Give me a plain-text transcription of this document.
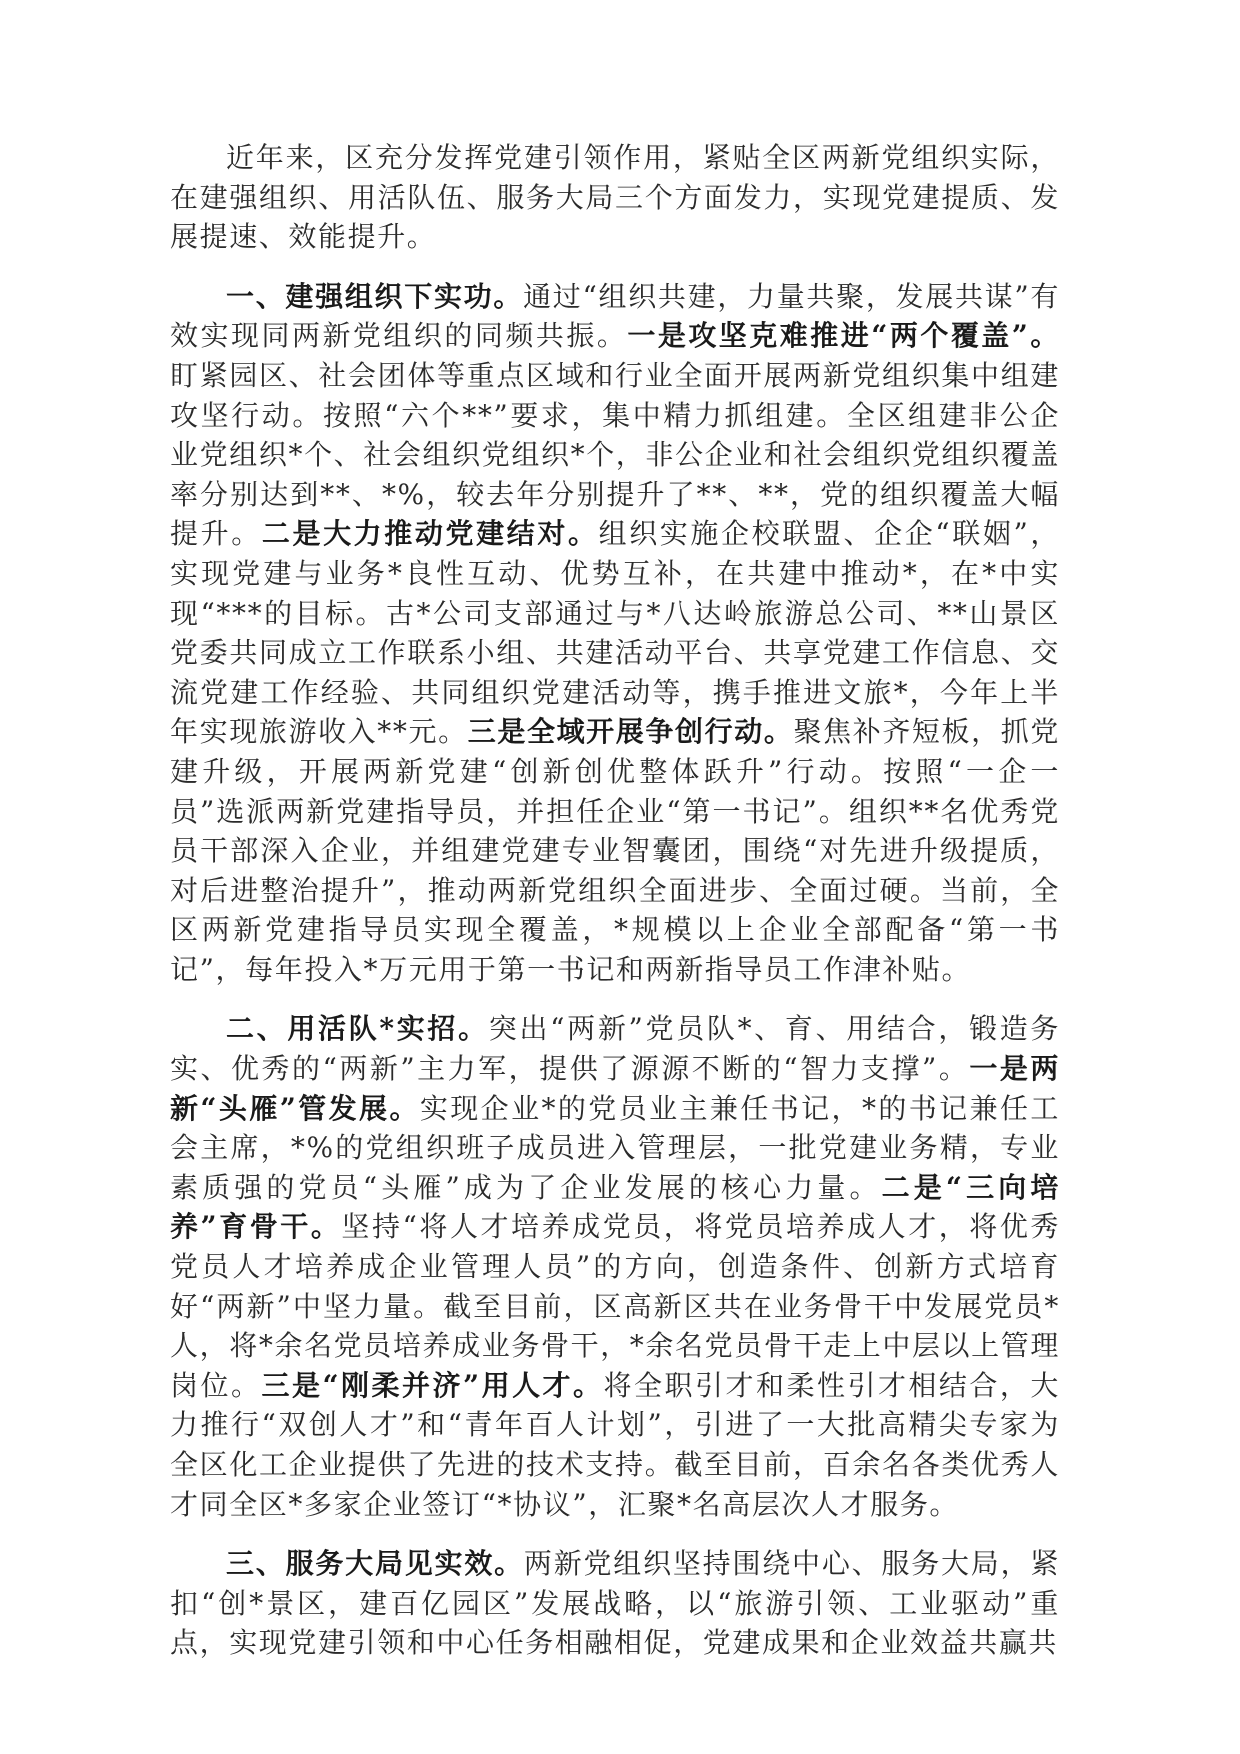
近年来，区充分发挥党建引领作用，紧贴全区两新党组织实际，在建强组织、用活队伍、服务大局三个方面发力，实现党建提质、发展提速、效能提升。

一、建强组织下实功。通过“组织共建，力量共聚，发展共谋”有效实现同两新党组织的同频共振。一是攻坚克难推进“两个覆盖”。盯紧园区、社会团体等重点区域和行业全面开展两新党组织集中组建攻坚行动。按照“六个**”要求，集中精力抓组建。全区组建非公企业党组织*个、社会组织党组织*个，非公企业和社会组织党组织覆盖率分别达到**、*%，较去年分别提升了**、**，党的组织覆盖大幅提升。二是大力推动党建结对。组织实施企校联盟、企企“联姻”，实现党建与业务*良性互动、优势互补，在共建中推动*，在*中实现“***的目标。古*公司支部通过与*八达岭旅游总公司、**山景区党委共同成立工作联系小组、共建活动平台、共享党建工作信息、交流党建工作经验、共同组织党建活动等，携手推进文旅*，今年上半年实现旅游收入**元。三是全域开展争创行动。聚焦补齐短板，抓党建升级，开展两新党建“创新创优整体跃升”行动。按照“一企一员”选派两新党建指导员，并担任企业“第一书记”。组织**名优秀党员干部深入企业，并组建党建专业智囊团，围绕“对先进升级提质，对后进整治提升”，推动两新党组织全面进步、全面过硬。当前，全区两新党建指导员实现全覆盖，*规模以上企业全部配备“第一书记”，每年投入*万元用于第一书记和两新指导员工作津补贴。

二、用活队*实招。突出“两新”党员队*、育、用结合，锻造务实、优秀的“两新”主力军，提供了源源不断的“智力支撑”。一是两新“头雁”管发展。实现企业*的党员业主兼任书记，*的书记兼任工会主席，*%的党组织班子成员进入管理层，一批党建业务精，专业素质强的党员“头雁”成为了企业发展的核心力量。二是“三向培养”育骨干。坚持“将人才培养成党员，将党员培养成人才，将优秀党员人才培养成企业管理人员”的方向，创造条件、创新方式培育好“两新”中坚力量。截至目前，区高新区共在业务骨干中发展党员*人，将*余名党员培养成业务骨干，*余名党员骨干走上中层以上管理岗位。三是“刚柔并济”用人才。将全职引才和柔性引才相结合，大力推行“双创人才”和“青年百人计划”，引进了一大批高精尖专家为全区化工企业提供了先进的技术支持。截至目前，百余名各类优秀人才同全区*多家企业签订“*协议”，汇聚*名高层次人才服务。

三、服务大局见实效。两新党组织坚持围绕中心、服务大局，紧扣“创*景区，建百亿园区”发展战略，以“旅游引领、工业驱动”重点，实现党建引领和中心任务相融相促，党建成果和企业效益共赢共
